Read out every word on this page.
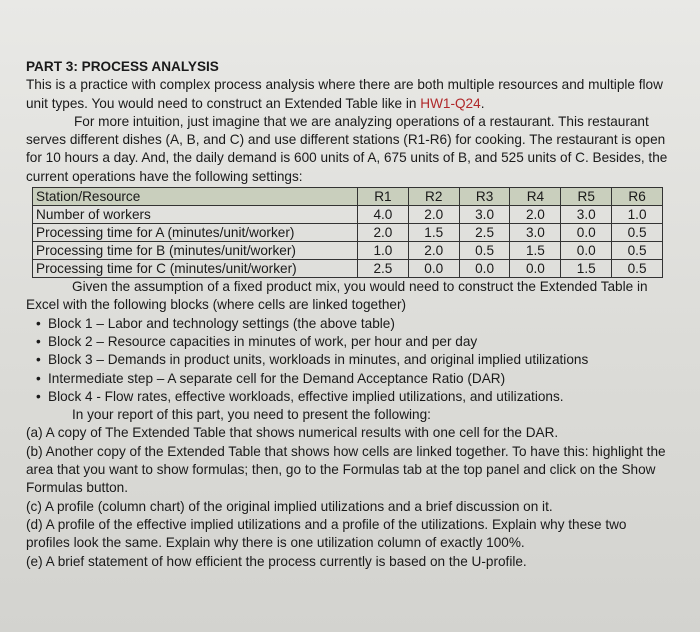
PART 3: PROCESS ANALYSIS

This is a practice with complex process analysis where there are both multiple resources and multiple flow unit types. You would need to construct an Extended Table like in HW1-Q24.

For more intuition, just imagine that we are analyzing operations of a restaurant. This restaurant serves different dishes (A, B, and C) and use different stations (R1-R6) for cooking. The restaurant is open for 10 hours a day. And, the daily demand is 600 units of A, 675 units of B, and 525 units of C. Besides, the current operations have the following settings:

Station/Resource	R1	R2	R3	R4	R5	R6
Number of workers	4.0	2.0	3.0	2.0	3.0	1.0
Processing time for A (minutes/unit/worker)	2.0	1.5	2.5	3.0	0.0	0.5
Processing time for B (minutes/unit/worker)	1.0	2.0	0.5	1.5	0.0	0.5
Processing time for C (minutes/unit/worker)	2.5	0.0	0.0	0.0	1.5	0.5

Given the assumption of a fixed product mix, you would need to construct the Extended Table in Excel with the following blocks (where cells are linked together)

• Block 1 – Labor and technology settings (the above table)
• Block 2 – Resource capacities in minutes of work, per hour and per day
• Block 3 – Demands in product units, workloads in minutes, and original implied utilizations
• Intermediate step – A separate cell for the Demand Acceptance Ratio (DAR)
• Block 4 - Flow rates, effective workloads, effective implied utilizations, and utilizations.

In your report of this part, you need to present the following:

(a) A copy of The Extended Table that shows numerical results with one cell for the DAR.

(b) Another copy of the Extended Table that shows how cells are linked together. To have this: highlight the area that you want to show formulas; then, go to the Formulas tab at the top panel and click on the Show Formulas button.

(c) A profile (column chart) of the original implied utilizations and a brief discussion on it.

(d) A profile of the effective implied utilizations and a profile of the utilizations. Explain why these two profiles look the same. Explain why there is one utilization column of exactly 100%.

(e) A brief statement of how efficient the process currently is based on the U-profile.
